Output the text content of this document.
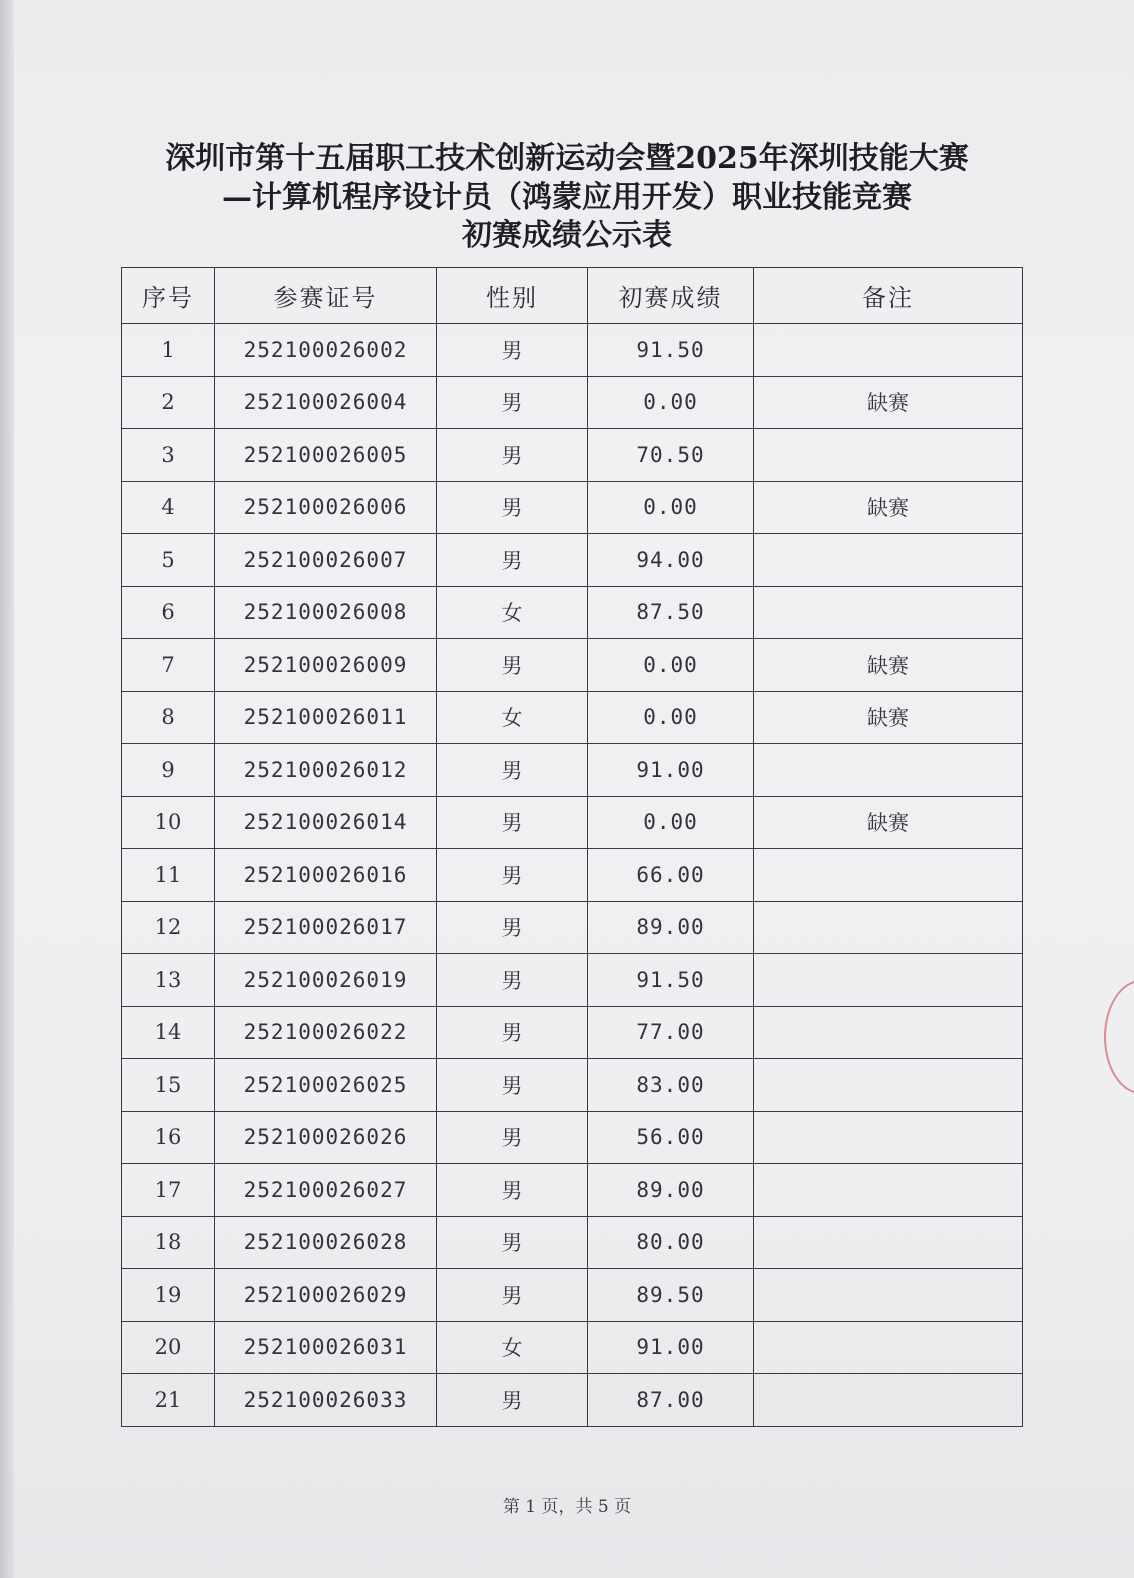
深圳市第十五届职工技术创新运动会暨2025年深圳技能大赛
—计算机程序设计员（鸿蒙应用开发）职业技能竞赛
初赛成绩公示表
序号	参赛证号	性别	初赛成绩	备注
1	252100026002	男	91.50	
2	252100026004	男	0.00	缺赛
3	252100026005	男	70.50	
4	252100026006	男	0.00	缺赛
5	252100026007	男	94.00	
6	252100026008	女	87.50	
7	252100026009	男	0.00	缺赛
8	252100026011	女	0.00	缺赛
9	252100026012	男	91.00	
10	252100026014	男	0.00	缺赛
11	252100026016	男	66.00	
12	252100026017	男	89.00	
13	252100026019	男	91.50	
14	252100026022	男	77.00	
15	252100026025	男	83.00	
16	252100026026	男	56.00	
17	252100026027	男	89.00	
18	252100026028	男	80.00	
19	252100026029	男	89.50	
20	252100026031	女	91.00	
21	252100026033	男	87.00	
第 1 页，共 5 页
